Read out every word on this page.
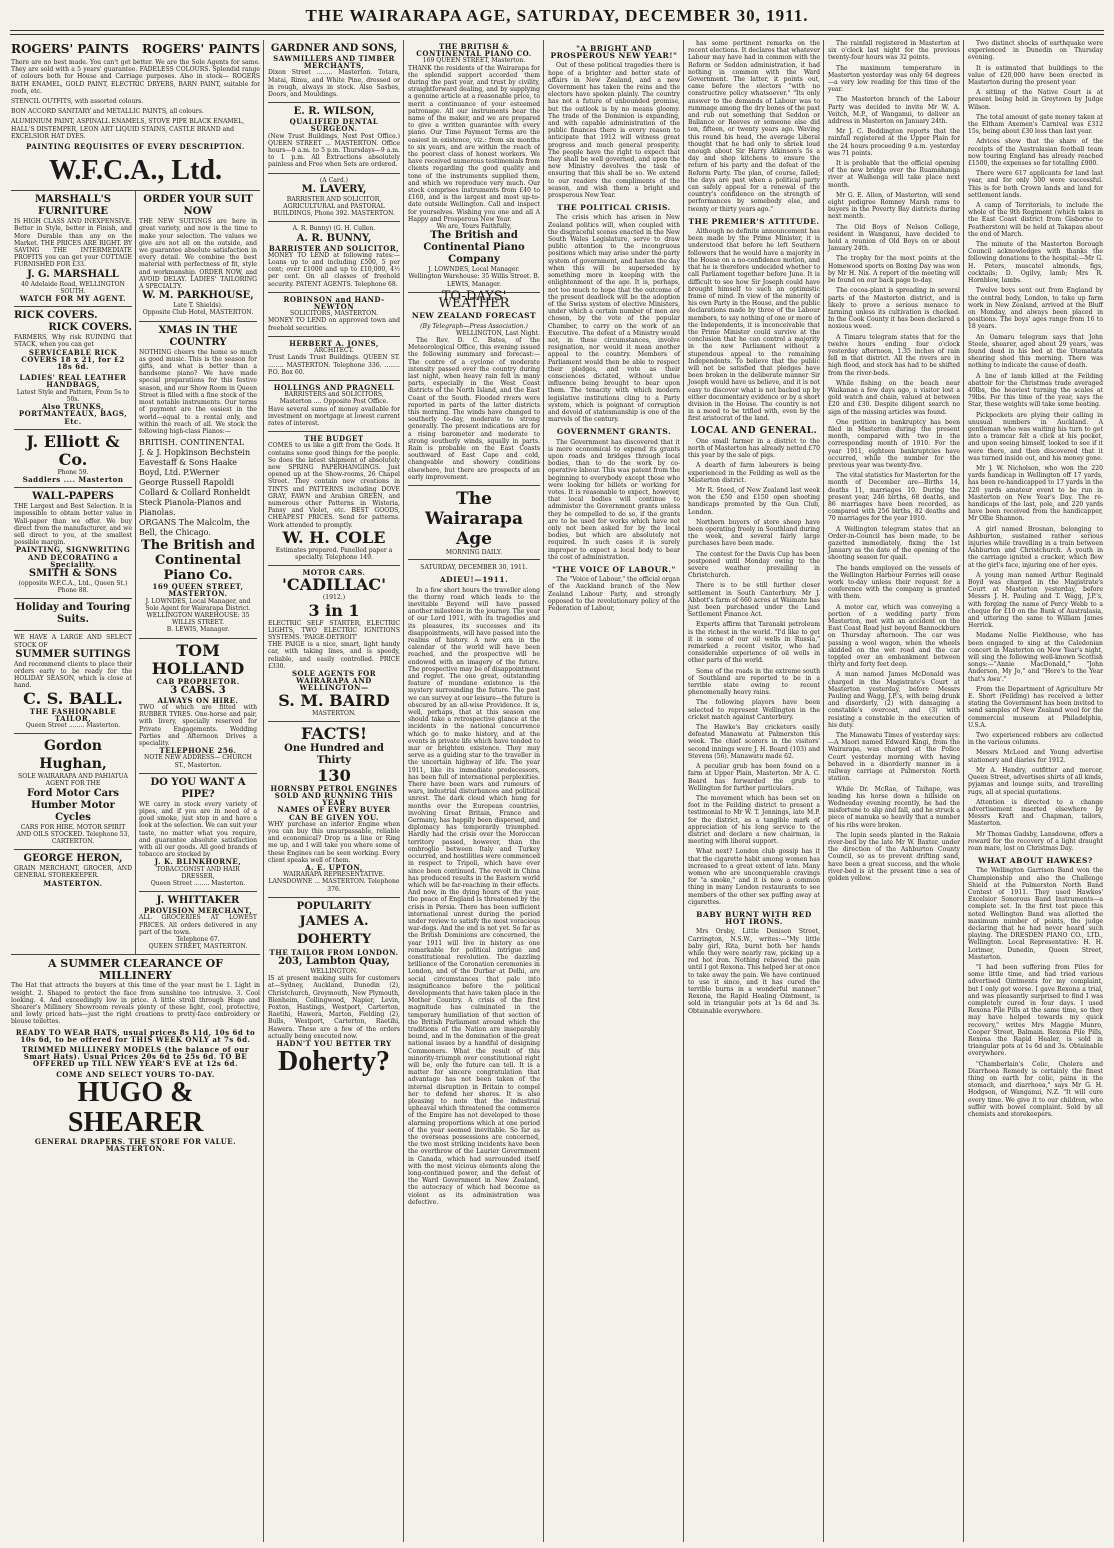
THE WAIRARAPA AGE, SATURDAY, DECEMBER 30, 1911.
ROGERS' PAINTS ROGERS' PAINTS
There are no best made. You can't get better. We are the Sole Agents for same. They are sold with a 5 years' guarantee. FADELESS COLOURS. Splendid range of colours both for House and Carriage purposes. Also in stock— ROGERS BATH ENAMEL, GOLD PAINT, ELECTRIC DRYERS, BARN PAINT, suitable for roofs, etc.
STENCIL OUTFITS, with assorted colours.
BON ACCORD SANITARY and METALLIC PAINTS, all colours.
ALUMINIUM PAINT, ASPINALL ENAMELS, STOVE PIPE BLACK ENAMEL, HALL'S DISTEMPER, LEON ART LIQUID STAINS, CASTLE BRAND and EXCELSIOR HAT DYES.
PAINTING REQUISITES OF EVERY DESCRIPTION.
W.F.C.A., Ltd.
MARSHALL'S FURNITURE
IS HIGH CLASS AND INEXPENSIVE. Better in Style, better in Finish, and More Durable than any on the Market. THE PRICES ARE RIGHT. BY SAVING THE INTERMEDIATE PROFITS you can get your COTTAGE FURNISHED FOR £33.
J. G. MARSHALL
40 Adelaide Road, WELLINGTON SOUTH.
WATCH FOR MY AGENT.
RICK COVERS.
RICK COVERS.
FARMERS, Why risk RUINING that STACK, when you can get
SERVICEABLE RICK COVERS 18 x 21, for £2 18s 6d.
LADIES' REAL LEATHER HANDBAGS,
Latest Style and Pattern, From 5s to 50s.
Also TRUNKS, PORTMANTEAUX, BAGS, Etc.
J. Elliott & Co.
Phone 59.
Saddlers .... Masterton
WALL-PAPERS
THE Largest and Best Selection. It is impossible to obtain better value in Wall-paper than we offer. We buy direct from the manufacturer, and we sell direct to you, at the smallest possible margin.
PAINTING, SIGNWRITING AND DECORATING a Speciality.
SMITH & SONS
(opposite W.F.C.A., Ltd., Queen St.) Phone 88.
Holiday and Touring Suits.
WE HAVE A LARGE AND SELECT STOCK OF
SUMMER SUITINGS
And recommend clients to place their orders early to be ready for the HOLIDAY SEASON, which is close at hand.
C. S. BALL.
THE FASHIONABLE TAILOR,
Queen Street ........ Masterton.
Gordon Hughan,
SOLE WAIRARAPA AND PAHIATUA AGENT FOR THE
Ford Motor Cars Humber Motor Cycles
CARS FOR HIRE. MOTOR SPIRIT AND OILS STOCKED. Telephone 53, CARTERTON.
GEORGE HERON,
GRAIN MERCHANT, GROCER, AND GENERAL STOREKEEPER.
MASTERTON.
ORDER YOUR SUIT NOW
THE NEW SUITINGS are here in great variety, and now is the time to make your selection. The values we give are not all on the outside, and we guarantee absolute satisfaction in every detail. We combine the best material with perfectness of fit, style and workmanship. ORDER NOW, and AVOID DELAY. LADIES' TAILORING A SPECIALTY.
W. M. PARKHOUSE,
Late T. Shields).
Opposite Club Hotel, MASTERTON.
XMAS IN THE COUNTRY
NOTHING cheers the home so much as good music. This is the season for gifts, and what is better than a handsome piano? We have made special preparations for this festive season, and our Show Room in Queen Street is filled with a fine stock of the most notable instruments. Our terms of payment are the easiest in the world—equal to a rental only, and within the reach of all. We stock the following high-class Pianos:—
BRITISH. CONTINENTAL
J. & J. Hopkinson Bechstein
Eavestaff & Sons Haake
Boyd, Ltd. P.Werner
George Russell Rapoldi
Collard & Collard Ronheldt
Steck Pianola-Pianos and Pianolas.
ORGANS The Malcolm, the Bell, the Chicago.
The British and Continental Piano Co.
169 QUEEN STREET, MASTERTON.
J. LOWNDES, Local Manager, and Sole Agent for Wairarapa District.
WELLINGTON WAREHOUSE: 35 WILLIS STREET.
B. LEWIS, Manager.
TOM HOLLAND
CAB PROPRIETOR.
3 CABS. 3
ALWAYS ON HIRE.
TWO of which are fitted with RUBBER TYRES. One-horse and pair, with livery, specially reserved for Private Engagements. Wedding Parties and Afternoon Drives a speciality.
TELEPHONE 256.
NOTE NEW ADDRESS— CHURCH ST., Masterton.
DO YOU WANT A PIPE?
WE carry in stock every variety of pipes, and if you are in need of a good smoke, just step in and have a look at the selection. We can suit your taste, no matter what you require, and guarantee absolute satisfaction with all our goods. All good brands of tobacco are stocked by
J. K. BLINKHORNE,
TOBACCONIST AND HAIR DRESSER,
Queen Street ........ Masterton.
J. WHITTAKER
PROVISION MERCHANT,
ALL GROCERIES AT LOWEST PRICES. All orders delivered in any part of the town.
Telephone 67.
QUEEN STREET, MASTERTON.
A SUMMER CLEARANCE OF MILLINERY
The Hat that attracts the buyers at this time of the year must be 1. Light in weight. 2. Shaped to protect the face from sunshine too intrusive. 3. Cool looking. 4. And exceedingly low in price. A little stroll through Hugo and Shearer's Millinery Showroom reveals plenty of these light, cool, protective, and lowly priced hats—just the right creations to pretty-face embroidery or blouse toilettes.
READY TO WEAR HATS, usual prices 8s 11d, 10s 6d to 10s 6d, to be offered for THIS WEEK ONLY at 7s 6d.
TRIMMED MILLINERY MODELS (the balance of our Smart Hats). Usual Prices 20s 6d to 25s 6d. TO BE OFFERED up TILL NEW YEAR'S EVE at 12s 6d.
COME AND SELECT YOURS TO-DAY.
HUGO & SHEARER
GENERAL DRAPERS. THE STORE FOR VALUE. MASTERTON.
GARDNER AND SONS,
SAWMILLERS AND TIMBER MERCHANTS,
Dixon Street ........ Masterton. Totara, Matai, Rimu, and White Pine, dressed or in rough, always in stock. Also Sashes, Doors, and Mouldings.
E. R. WILSON,
QUALIFIED DENTAL SURGEON.
(New Trust Buildings, Next Post Office.) QUEEN STREET ... MASTERTON. Office hours—9 a.m. to 5 p.m. Thursdays—9 a.m. to 1 p.m. All Extractions absolutely painless and Free when Sets are ordered.
(A Card.)
M. LAVERY,
BARRISTER AND SOLICITOR, AGRICULTURAL and PASTORAL BUILDINGS, Phone 392. MASTERTON.
A. R. Bunny) (G. H. Cullen.
A. R. BUNNY,
BARRISTER AND SOLICITOR,
MONEY TO LEND at following rates:—Loans up to and including £500, 5 per cent; over £1000 and up to £10,000, 4½ per cent. On all classes of freehold security. PATENT AGENTS. Telephone 68.
ROBINSON and HAND-NEWTON
SOLICITORS, MASTERTON.
MONEY TO LEND on approved town and freehold securities.
HERBERT A. JONES,
ARCHITECT.
Trust Lands Trust Buildings. QUEEN ST. ........ MASTERTON. Telephone 336. ........ P.O. Box 60.
HOLLINGS AND PRAGNELL
BARRISTERS and SOLICITORS, Masterton .... Opposite Post Office.
Have several sums of money available for investment on mortgage at lowest current rates of interest.
THE BUDGET
COMES to us like a gift from the Gods. It contains some good things for the people. So does the latest shipment of absolutely new SPRING PAPERHANGINGS. Just opened up at the Show-rooms, 26 Chapel Street. They contain new creations in TINTS and PATTERNS including DOVE GRAY, FAWN and Arabian GREEN, and numerous other Patterns in Wisteria, Pansy and Violet, etc. BEST GOODS, CHEAPEST PRICES. Send for patterns. Work attended to promptly.
W. H. COLE
Estimates prepared. Panelled paper a specialty. Telephone 149.
MOTOR CARS.
'CADILLAC'
(1912.)
3 in 1
ELECTRIC SELF STARTER, ELECTRIC LIGHTS, TWO ELECTRIC IGNITIONS SYSTEMS. 'PAIGE-DETROIT'
THE PAIGE is a nice, smart, light handy car, with taking lines, and is speedy, reliable, and easily controlled. PRICE £330.
SOLE AGENTS FOR WAIRARAPA AND WELLINGTON—
S. M. BAIRD
MASTERTON.
FACTS!
One Hundred and Thirty
130
HORNSBY PETROL ENGINES SOLD AND RUNNING THIS YEAR
NAMES OF EVERY BUYER CAN BE GIVEN YOU.
WHY purchase an inferior Engine when you can buy this unsurpassable, reliable and economical? Drop us a line or Ring me up, and I will take you where some of these Engines can be seen working. Every client speaks well of them.
A. E. UPTON,
WAIRARAPA REPRESENTATIVE. LANSDOWNE ... MASTERTON. Telephone 376.
POPULARITY
JAMES A. DOHERTY
THE TAILOR FROM LONDON.
203, Lambton Quay,
WELLINGTON.
IS at present making suits for customers at—Sydney, Auckland, Dunedin (2), Christchurch, Greymouth, New Plymouth, Blenheim, Collingwood, Napier, Levin, Foxton, Hastings, Westport, Carterton, Raetihi, Hawera, Marton, Fielding (2), Bulls, Westport, Carterton, Raetihi, Hawera. These are a few of the orders actually being executed now.
HADN'T YOU BETTER TRY
Doherty?
THE BRITISH & CONTINENTAL PIANO CO.
169 QUEEN STREET, Masterton.
THANK the residents of the Wairarapa for the splendid support accorded them during the past year, and trust by civility, straightforward dealing, and by supplying a genuine article at a reasonable price, to merit a continuance of your esteemed patronage. All our instruments bear the name of the maker, and we are prepared to give a written guarantee with every piano. Our Time Payment Terms are the easiest in existence, viz.: from six months to six years, and are within the reach of the poorest class of honest workers. We have received numerous testimonials from clients regarding the good quality and tone of the instruments supplied them, and which we reproduce very much. Our stock comprises instruments from £40 to £160, and is the largest and most up-to-date outside Wellington. Call and inspect for yourselves. Wishing you one and all A Happy and Prosperous New Year.
We are, Yours Faithfully,
The British and Continental Piano Company
J. LOWNDES, Local Manager.
Wellington Warehouse: 35 Willis Street. B. LEWIS, Manager.
TO-DAYS' WEATHER
NEW ZEALAND FORECAST
(By Telegraph—Press Association.)
WELLINGTON, Last Night.

The Rev. D. C. Bates, of the Meteorological Office, this evening issued the following summary and forecast:— The centre of a cyclone of moderate intensity passed over the country during last night, when heavy rain fell in many parts, especially in the West Coast districts of the North Island, and the East Coast of the South. Flooded rivers were reported in parts of the latter districts this morning. The winds have changed to southerly to-day, moderate to strong generally. The present indications are for a rising barometer and moderate to strong southerly winds, squally in parts. Rain is probable on the East Coasts southward of East Cape and cold, changeable and showery conditions elsewhere, but there are prospects of an early improvement.

The Wairarapa Age
MORNING DAILY.
SATURDAY, DECEMBER 30, 1911.
ADIEU!—1911.

In a few short hours the traveller along the thorny road which leads to the inevitable Beyond will have passed another milestone in the journey. The year of our Lord 1911, with its tragedies and its pleasures, its successes and its disappointments, will have passed into the realms of history. A new era in the calendar of the world will have been reached, and the prospective will be endowed with an imagery of the future. The prospective may be of disappointment and regret. The one great, outstanding feature of mundane existence is the mystery surrounding the future. The past we can survey at our leisure—the future is obscured by an all-wise Providence. It is, well, perhaps, that at this season one should take a retrospective glance at the incidents in the national concurrence which go to make history, and at the events in private life which have tended to mar or brighten existence. They may serve as a guiding star to the traveller in the uncertain highway of life. The year 1911, like its immediate predecessors, has been full of international perplexities. There have been wars and rumours of wars, industrial disturbances and political unrest. The dark cloud which hung for months over the European countries, involving Great Britain, France and Germany, has happily been dispersed, and diplomacy has temporarily triumphed. Hardly had the crisis over the Moroccan territory passed, however, than the embroglio between Italy and Turkey occurred, and hostilities were commenced in respect to Tripoli, which have ever since been continued. The revolt in China has produced results in the Eastern world which will be far-reaching in their effects. And now, in the dying hours of the year, the peace of England is threatened by the crisis in Persia. There has been sufficient international unrest during the period under review to satisfy the most voracious war-dogs. And the end is not yet. So far as the British Dominions are concerned, the year 1911 will live in history as one remarkable for political intrigue and constitutional revolution. The dazzling brilliance of the Coronation ceremonies in London, and of the Durbar at Delhi, are social circumstances that pale into insignificance before the political developments that have taken place in the Mother Country. A crisis of the first magnitude has culminated in the temporary humiliation of that section of the British Parliament around which the traditions of the Nation are inseparably bound, and in the domination of the great national issues by a handful of designing Commoners. What the result of this minority-triumph over constitutional right will be, only the future can tell. It is a matter for sincere congratulation that advantage has not been taken of the internal disruption in Britain to compel her to defend her shores. It is also pleasing to note that the industrial upheaval which threatened the commerce of the Empire has not developed to those alarming proportions which at one period of the year seemed inevitable. So far as the overseas possessions are concerned, the two most striking incidents have been the overthrow of the Laurier Government in Canada, which had surrounded itself with the most vicious elements along the long-continued power, and the defeat of the Ward Government in New Zealand, the autocracy of which had become as violent as its administration was defective.

"A BRIGHT AND PROSPEROUS NEW YEAR!"

Out of these political tragedies there is hope of a brighter and better state of affairs in New Zealand, and a new Government has taken the reins and the electors have spoken plainly. The country has not a future of unbounded promise, but the outlook is by no means gloomy. The trade of the Dominion is expanding, and with capable administration of the public finances there is every reason to anticipate that 1912 will witness great progress and much general prosperity. The people have the right to expect that they shall be well governed, and upon the new Ministry devolves the task of ensuring that this shall be so. We extend to our readers the compliments of the season, and wish them a bright and prosperous New Year.

THE POLITICAL CRISIS.

The crisis which has arisen in New Zealand politics will, when coupled with the disgraceful scenes enacted in the New South Wales Legislature, serve to draw public attention to the incongruous positions which may arise under the party system of government, and hasten the day when this will be superseded by something more in keeping with the enlightenment of the age. It is, perhaps, not too much to hope that the outcome of the present deadlock will be the adoption of the Swiss system of elective Ministers, under which a certain number of men are chosen, by the vote of the popular Chamber, to carry on the work of an Executive. The defeat of a Ministry would not, in these circumstances, involve resignation, nor would it mean another appeal to the country. Members of Parliament would then be able to respect their pledges, and vote as their consciences dictated, without undue influence being brought to bear upon them. The tenacity with which modern legislative institutions cling to a Party system, which is poignant of corruption and devoid of statesmanship is one of the marvels of the century.

GOVERNMENT GRANTS.

The Government has discovered that it is more economical to expend its grants upon roads and bridges through local bodies, than to do the work by co-operative labour. This was patent from the beginning to everybody except those who were looking for billets or working for votes. It is reasonable to expect, however, that local bodies will continue to administer the Government grants unless they be compelled to do so, if the grants are to be used for works which have not only not been asked for by the local bodies, but which are absolutely not required. In such cases it is surely improper to expect a local body to bear the cost of administration.

"THE VOICE OF LABOUR."

The "Voice of Labour," the official organ of the Auckland branch of the New Zealand Labour Party, and strongly opposed to the revolutionary policy of the Federation of Labour,

has some pertinent remarks on the recent elections. It declares that whatever Labour may have had in common with the Reform or Seddon administration, it had nothing in common with the Ward Government. The latter, it points out, came before the electors "with no constructive policy whatsoever." "Its only answer to the demands of Labour was to rummage among the dry bones of the past and rub out something that Seddon or Ballance or Reeves or someone else did ten, fifteen, or twenty years ago. Waving this round his head, the average Liberal thought that he had only to shriek loud enough about Sir Harry Atkinson's 5s a day and shop kitchens to ensure the return of his party and the defeat of the Reform Party. The plan, of course, failed; the days are past when a political party can safely appeal for a renewal of the country's confidence on the strength of performances by somebody else, and twenty or thirty years ago."

THE PREMIER'S ATTITUDE.

Although no definite announcement has been made by the Prime Minister, it is understood that before he left Southern followers that he would have a majority in the House on a no-confidence motion, and that he is therefore undecided whether to call Parliament together before June. It is difficult to see how Sir Joseph could have brought himself to such an optimistic frame of mind. In view of the minority of his own Party in the House, and the public declarations made by three of the Labour members, to say nothing of one or more of the Independents, it is inconceivable that the Prime Minister could survive at the conclusion that he can control a majority in the new Parliament without a stupendous appeal to the remaining Independents. To believe that the public will not be satisfied that pledges have been broken in the deliberate manner Sir Joseph would have us believe, and it is not easy to discover what is not backed up by either documentary evidence or by a short division in the House. The country is not in a mood to be trifled with, even by the first aristocrat of the land.

LOCAL AND GENERAL.

One small farmer in a district to the north of Masterton has already netted £70 this year by the sale of pigs.

A dearth of farm labourers is being experienced in the Feilding as well as the Masterton district.

Mr R. Steed, of New Zealand last week won the £50 and £150 open shooting handicaps promoted by the Gun Club, London.

Northern buyers of store sheep have been operating freely in Southland during the week, and several fairly large purchases have been made.

The contest for the Davis Cup has been postponed until Monday owing to the severe weather prevailing in Christchurch.

There is to be still further closer settlement in South Canterbury. Mr J. Abbott's farm of 660 acres at Waimate has just been purchased under the Land Settlement Finance Act.

Experts affirm that Taranaki petroleum is the richest in the world. "I'd like to get it in some of our oil wells in Russia," remarked a recent visitor, who had considerable experience of oil wells in other parts of the world.

Some of the roads in the extreme south of Southland are reported to be in a terrible state owing to recent phenomenally heavy rains.

The following players have been selected to represent Wellington in the cricket match against Canterbury.

The Hawke's Bay cricketers easily defeated Manawatu at Palmerston this week. The chief scorers in the visitors' second innings were J. H. Board (103) and Stevens (56). Manawatu made 62.

A peculiar grub has been found on a farm at Upper Plain, Masterton. Mr A. C. Beard has forwarded the grub to Wellington for further particulars.

The movement which has been set on foot in the Feilding district to present a testimonial to Mr W. T. Jennings, late M.P. for the district, as a tangible mark of appreciation of his long service to the district and declare a new chairman, is meeting with liberal support.

What next? London club gossip has it that the cigarette habit among women has increased to a great extent of late. Many women who are unconquerable cravings for "a smoke," and it is now a common thing in many London restaurants to see members of the other sex puffing away at cigarettes.

BABY BURNT WITH RED HOT IRONS.

Mrs Orsby, Little Denison Street, Carrington, N.S.W., writes:—"My little baby girl, Rita, burnt both her hands while they were nearly raw, picking up a red hot iron. Nothing relieved the pain until I got Rexona. This helped her at once to take away the pain. We have continued to use it since, and it has cured the terrible burns in a wonderful manner." Rexona, the Rapid Healing Ointment, is sold in triangular pots at 1s 6d and 3s. Obtainable everywhere.

The rainfall registered in Masterton at six o'clock last night for the previous twenty-four hours was 32 points.

The maximum temperature in Masterton yesterday was only 64 degrees—a very low reading for this time of the year.

The Masterton branch of the Labour Party was decided to invite Mr W. A. Veitch, M.P., of Wanganui, to deliver an address in Masterton on January 24th.

Mr J. C. Boddington reports that the rainfall registered at the Upper Plain for the 24 hours proceeding 9 a.m. yesterday was 71 points.

It is probable that the official opening of the new bridge over the Ruamahanga river at Waihenga will take place next month.

Mr G. E. Allen, of Masterton, will send eight pedigree Romney Marsh rams to buyers in the Poverty Bay districts during next month.

The Old Boys of Nelson College, resident in Wanganui, have decided to hold a reunion of Old Boys on or about January 24th.

The trophy for the most points at the Homewood sports on Boxing Day was won by Mr H. Nix. A report of the meeting will be found on our back page to-day.

The cocoa-plant is spreading in several parts of the Masterton district, and is likely to prove a serious menace to farming unless its cultivation is checked. In the Cook County it has been declared a noxious weed.

A Timaru telegram states that for the twelve hours ending four o'clock yesterday afternoon, 1.35 inches of rain fell in that district. All the rivers are in high flood, and stock has had to be shifted from the river-beds.

While fishing on the beach near Waikanae a few days ago, a visitor lost a gold watch and chain, valued at between £20 and £30. Despite diligent search no sign of the missing articles was found.

One petition in bankruptcy has been filed in Masterton during the present month, compared with two in the corresponding month of 1910. For the year 1911, eighteen bankruptcies have occurred, while the number for the previous year was twenty-five.

The vital statistics for Masterton for the month of December are—Births 14, deaths 11, marriages 10. During the present year, 246 births, 68 deaths, and 86 marriages have been recorded, as compared with 256 births, 82 deaths and 70 marriages for the year 1910.

A Wellington telegram states that an Order-in-Council has been made, to be gazetted immediately, fixing the 1st January as the date of the opening of the shooting season for quail.

The bands employed on the vessels of the Wellington Harbour Ferries will cease work to-day unless their request for a conference with the company is granted with them.

A motor car, which was conveying a portion of a wedding party from Masterton, met with an accident on the East Coast Road just beyond Bannockburn on Thursday afternoon. The car was passing a wool wagon, when the wheels skidded on the wet road and the car toppled over an embankment between thirty and forty feet deep.

A man named James McDonald was charged in the Magistrate's Court at Masterton yesterday, before Messrs Pauling and Wagg, J.P.'s, with being drunk and disorderly, (2) with damaging a constable's overcoat, and (3) with resisting a constable in the execution of his duty.

The Manawatu Times of yesterday says:—A Maori named Edward Kingi, from the Wairarapa, was charged at the Police Court yesterday morning with having behaved in a disorderly manner in a railway carriage at Palmerston North station.

While Dr. McRae, of Taihape, was leading his horse down a hillside on Wednesday evening recently, he had the misfortune to slip and fall, and he struck a piece of manuka so heavily that a number of his ribs were broken.

The lupin seeds planted in the Rakaia river-bed by the late Mr W. Baxter, under the direction of the Ashburton County Council, so as to prevent drifting sand, have been a great success, and the whole river-bed is at the present time a sea of golden yellow.

Two distinct shocks of earthquake were experienced in Dunedin on Thursday evening.

It is estimated that buildings to the value of £20,000 have been erected in Masterton during the present year.

A sitting of the Native Court is at present being held in Greytown by Judge Wilson.

The total amount of gate money taken at the Eltham Axemen's Carnival was £312 15s, being about £30 less than last year.

Advices show that the share of the receipts of the Australasian football team now touring England has already reached £1500, the expenses so far totalling £900.

There were 617 applicants for land last year, and for only 500 were successful. This is for both Crown lands and land for settlement lands.

A camp of Territorials, to include the whole of the 9th Regiment (which takes in the East Coast district from Gisborne to Featherston) will be held at Takapau about the end of March.

The minute of the Masterton Borough Council acknowledges with thanks the following donations to the hospital:—Mr G. H. Peters, muscatel almonds, figs, cocktails; D. Ogilvy, lamb; Mrs R. Hornblow, lambs.

Twelve boys sent out from England by the central body, London, to take up farm work in New Zealand, arrived at the Bluff on Monday, and always been placed in positions. The boys' ages range from 16 to 18 years.

An Oamaru telegram says that John Steele, shearer, aged about 29 years, was found dead in his bed at the Otematata shearing shed this morning. There was nothing to indicate the cause of death.

A line of lamb killed at the Feilding abattoir for the Christmas trade averaged 40lbs, the heaviest turning the scales at 79lbs. For this time of the year, says the Star, these weights will take some beating.

Pickpockets are plying their calling in unusual numbers in Auckland. A gentleman who was waiting his turn to get into a tramcar felt a click at his pocket, and upon seeing himself, looked to see if it were there, and then discovered that it was turned inside out, and his money gone.

Mr J. W. Nicholson, who won the 220 yards handicap in Wellington off 17 yards, has been re-handicapped to 17 yards in the 220 yards amateur event to be run in Masterton on New Year's Day. The re-handicaps of the last, pole, and 220 yards have been received from the handicapper, Mr Ollie Shannon.

A girl named Brosnan, belonging to Ashburton, sustained rather serious injuries while travelling in a train between Ashburton and Christchurch. A youth in the carriage ignited a cracker, which flew at the girl's face, injuring one of her eyes.

A young man named Arthur Reginald Boyd was charged in the Magistrate's Court at Masterton yesterday, before Messrs J. H. Pauling and T. Wagg, J.P.'s, with forging the name of Percy Webb to a cheque for £10 on the Bank of Australasia, and uttering the same to William James Herrick.

Madame Nellie Fieldhouse, who has been engaged to sing at the Caledonian concert in Masterton on New Year's night, will sing the following well-known Scottish songs:—"Annie MacDonald," "John Anderson, My Jo," and "Here's to the Year that's Awa'."

From the Department of Agriculture Mr E. Short (Feilding) has received a letter stating the Government has been invited to send samples of New Zealand wool for the commercial museum at Philadelphia, U.S.A.

Two experienced robbers are collected in the various columns.

Messrs McLeod and Young advertise stationery and diaries for 1912.

Mr A. Hendry, outfitter and mercer, Queen Street, advertises shirts of all kinds, pyjamas and lounge suits, and travelling rugs, all at special quotations.

Attention is directed to a change advertisement inserted elsewhere by Messrs Kraft and Chapman, tailors, Masterton.

Mr Thomas Gadsby, Lansdowne, offers a reward for the recovery of a light draught roan mare, lost on Christmas Day.

WHAT ABOUT HAWKES?

The Wellington Garrison Band won the Championship and also the Challenge Shield at the Palmerston North Band Contest of 1911. They used Hawkes' Excelsior Sonorous Band Instruments—a complete set. In the first test piece this noted Wellington Band was allotted the maximum number of points, the judge declaring that he had never heard such playing. The DRESDEN PIANO CO., LTD., Wellington. Local Representative: H. H. Lorimer, Dunedin, Queen Street, Masterton.

"I had been suffering from Piles for some little time, and had tried various advertised Ointments for my complaint, but I only got worse. I gave Rexona a trial, and was pleasantly surprised to find I was completely cured in four days. I used Rexona Pile Pills at the same time, so they may have helped towards my quick recovery," writes Mrs Maggie Munro, Cooper Street, Balmain. Rexona Pile Pills, Rexona the Rapid Healer, is sold in triangular pots at 1s 6d and 3s. Obtainable everywhere.

"Chamberlain's Colic, Cholera and Diarrhoea Remedy is certainly the finest thing on earth for colic, pains in the stomach, and diarrhoea," says Mr G. H. Hodgson, of Wanganui, N.Z. "It will cure every time. We give it to our children, who suffer with bowel complaint. Sold by all chemists and storekeepers.
